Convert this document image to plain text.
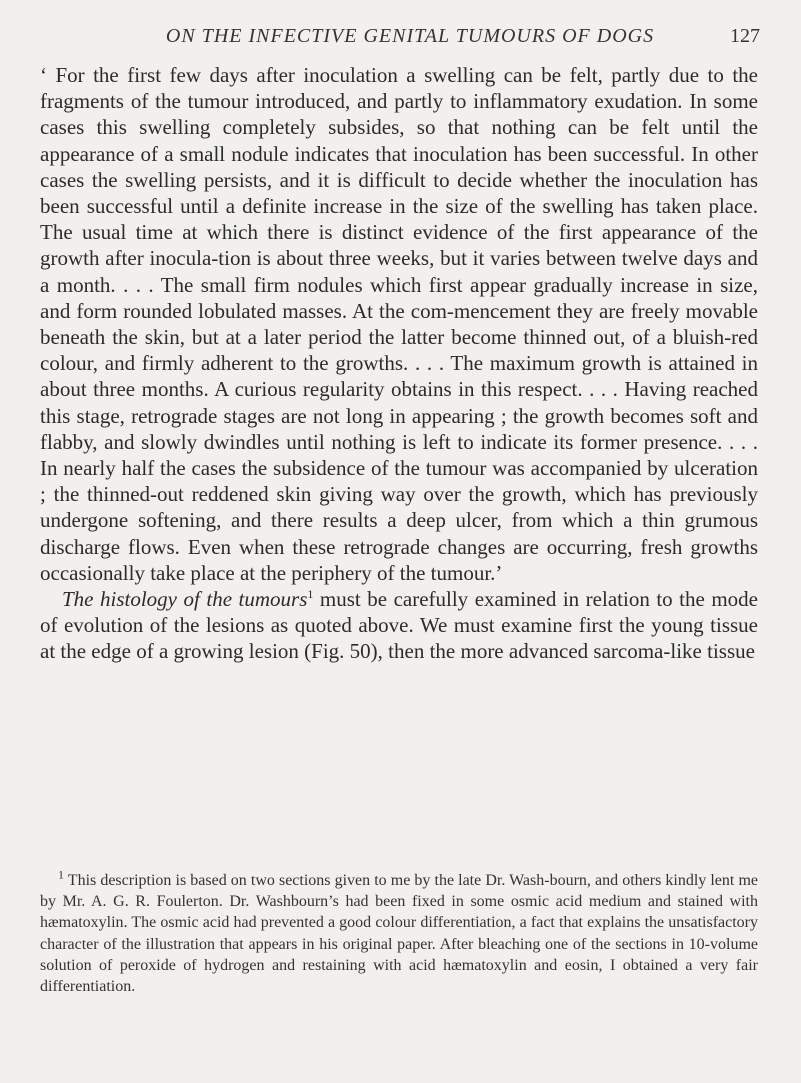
ON THE INFECTIVE GENITAL TUMOURS OF DOGS	127

‘ For the first few days after inoculation a swelling can be felt, partly due to the fragments of the tumour introduced, and partly to inflammatory exudation. In some cases this swelling completely subsides, so that nothing can be felt until the appearance of a small nodule indicates that inoculation has been successful. In other cases the swelling persists, and it is difficult to decide whether the inoculation has been successful until a definite increase in the size of the swelling has taken place. The usual time at which there is distinct evidence of the first appearance of the growth after inocula-tion is about three weeks, but it varies between twelve days and a month. . . . The small firm nodules which first appear gradually increase in size, and form rounded lobulated masses. At the com-mencement they are freely movable beneath the skin, but at a later period the latter become thinned out, of a bluish-red colour, and firmly adherent to the growths. . . . The maximum growth is attained in about three months. A curious regularity obtains in this respect. . . . Having reached this stage, retrograde stages are not long in appearing ; the growth becomes soft and flabby, and slowly dwindles until nothing is left to indicate its former presence. . . . In nearly half the cases the subsidence of the tumour was accompanied by ulceration ; the thinned-out reddened skin giving way over the growth, which has previously undergone softening, and there results a deep ulcer, from which a thin grumous discharge flows. Even when these retrograde changes are occurring, fresh growths occasionally take place at the periphery of the tumour.’

The histology of the tumours$^1$ must be carefully examined in relation to the mode of evolution of the lesions as quoted above. We must examine first the young tissue at the edge of a growing lesion (Fig. 50), then the more advanced sarcoma-like tissue

$^1$ This description is based on two sections given to me by the late Dr. Wash-bourn, and others kindly lent me by Mr. A. G. R. Foulerton. Dr. Washbourn’s had been fixed in some osmic acid medium and stained with hæmatoxylin. The osmic acid had prevented a good colour differentiation, a fact that explains the unsatisfactory character of the illustration that appears in his original paper. After bleaching one of the sections in 10-volume solution of peroxide of hydrogen and restaining with acid hæmatoxylin and eosin, I obtained a very fair differentiation.
